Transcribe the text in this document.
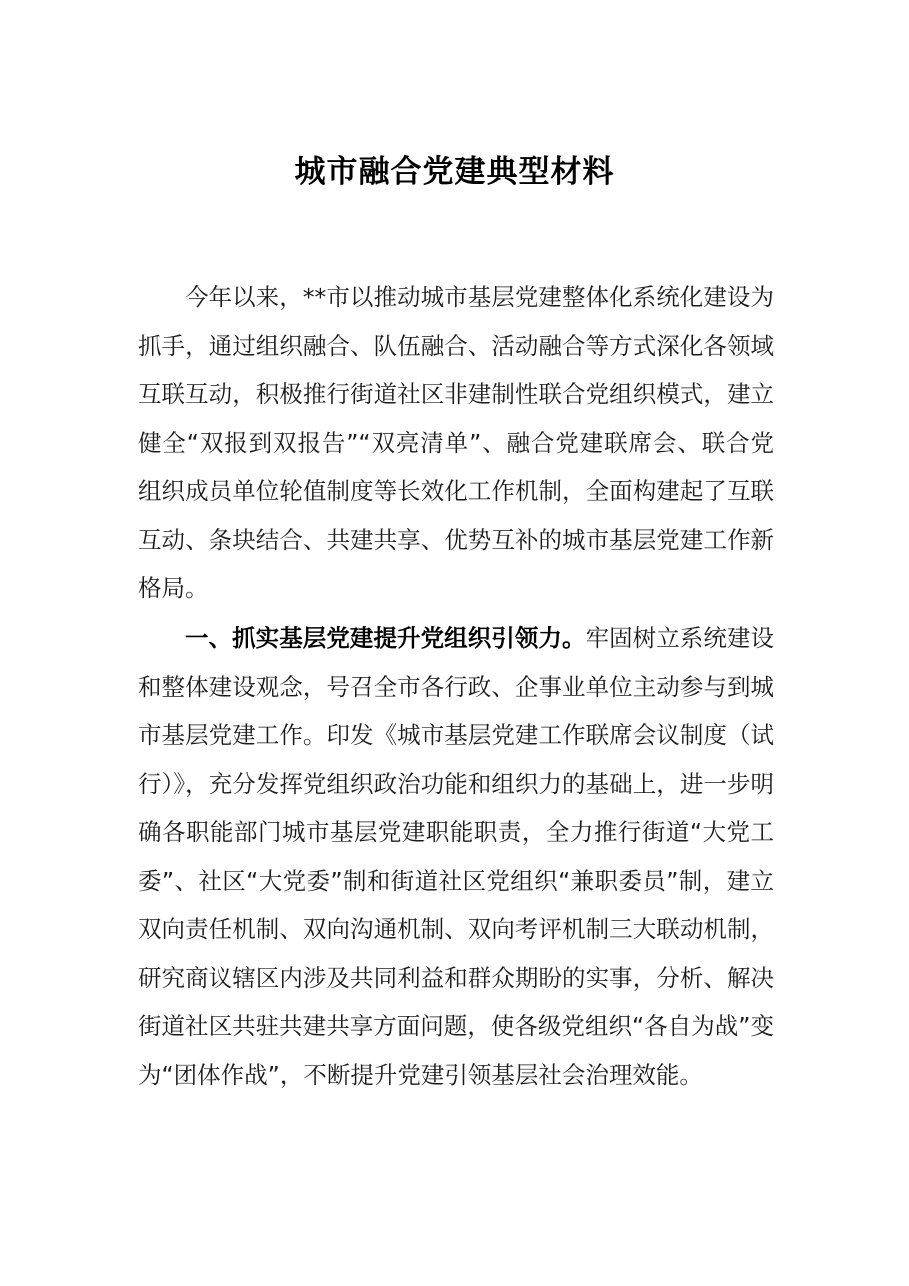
城市融合党建典型材料

今年以来，**市以推动城市基层党建整体化系统化建设为抓手，通过组织融合、队伍融合、活动融合等方式深化各领域互联互动，积极推行街道社区非建制性联合党组织模式，建立健全“双报到双报告”“双亮清单”、融合党建联席会、联合党组织成员单位轮值制度等长效化工作机制，全面构建起了互联互动、条块结合、共建共享、优势互补的城市基层党建工作新格局。

一、抓实基层党建提升党组织引领力。牢固树立系统建设和整体建设观念，号召全市各行政、企事业单位主动参与到城市基层党建工作。印发《城市基层党建工作联席会议制度（试行）》，充分发挥党组织政治功能和组织力的基础上，进一步明确各职能部门城市基层党建职能职责，全力推行街道“大党工委”、社区“大党委”制和街道社区党组织“兼职委员”制，建立双向责任机制、双向沟通机制、双向考评机制三大联动机制，研究商议辖区内涉及共同利益和群众期盼的实事，分析、解决街道社区共驻共建共享方面问题，使各级党组织“各自为战”变为“团体作战”，不断提升党建引领基层社会治理效能。
